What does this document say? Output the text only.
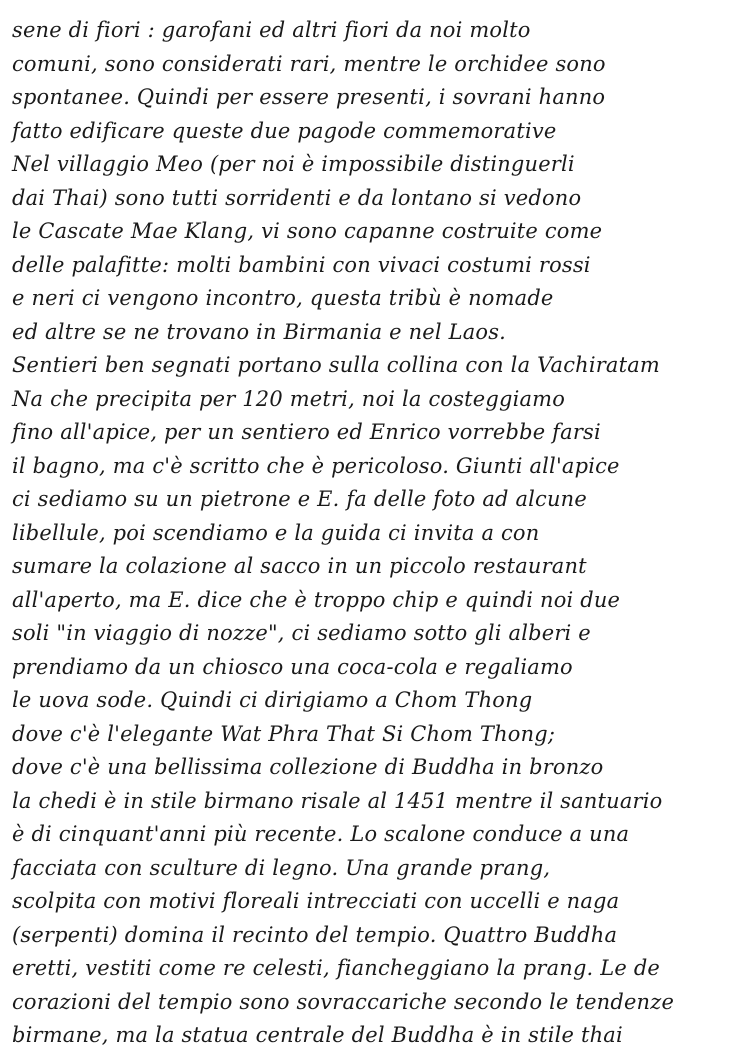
sene di fiori : garofani ed altri fiori da noi molto
comuni, sono considerati rari, mentre le orchidee sono
spontanee. Quindi per essere presenti, i sovrani hanno
fatto edificare queste due pagode commemorative
Nel villaggio Meo (per noi è impossibile distinguerli
dai Thai) sono tutti sorridenti e da lontano si vedono
le Cascate Mae Klang, vi sono capanne costruite come
delle palafitte: molti bambini con vivaci costumi rossi
e neri ci vengono incontro, questa tribù è nomade
ed altre se ne trovano in Birmania e nel Laos.
Sentieri ben segnati portano sulla collina con la Vachiratam
Na che precipita per 120 metri, noi la costeggiamo
fino all'apice, per un sentiero ed Enrico vorrebbe farsi
il bagno, ma c'è scritto che è pericoloso. Giunti all'apice
ci sediamo su un pietrone e E. fa delle foto ad alcune
libellule, poi scendiamo e la guida ci invita a con
sumare la colazione al sacco in un piccolo restaurant
all'aperto, ma E. dice che è troppo chip e quindi noi due
soli "in viaggio di nozze", ci sediamo sotto gli alberi e
prendiamo da un chiosco una coca-cola e regaliamo
le uova sode. Quindi ci dirigiamo a Chom Thong
dove c'è l'elegante Wat Phra That Si Chom Thong;
dove c'è una bellissima collezione di Buddha in bronzo
la chedi è in stile birmano risale al 1451 mentre il santuario
è di cinquant'anni più recente. Lo scalone conduce a una
facciata con sculture di legno. Una grande prang,
scolpita con motivi floreali intrecciati con uccelli e naga
(serpenti) domina il recinto del tempio. Quattro Buddha
eretti, vestiti come re celesti, fiancheggiano la prang. Le de
corazioni del tempio sono sovraccariche secondo le tendenze
birmane, ma la statua centrale del Buddha è in stile thai
